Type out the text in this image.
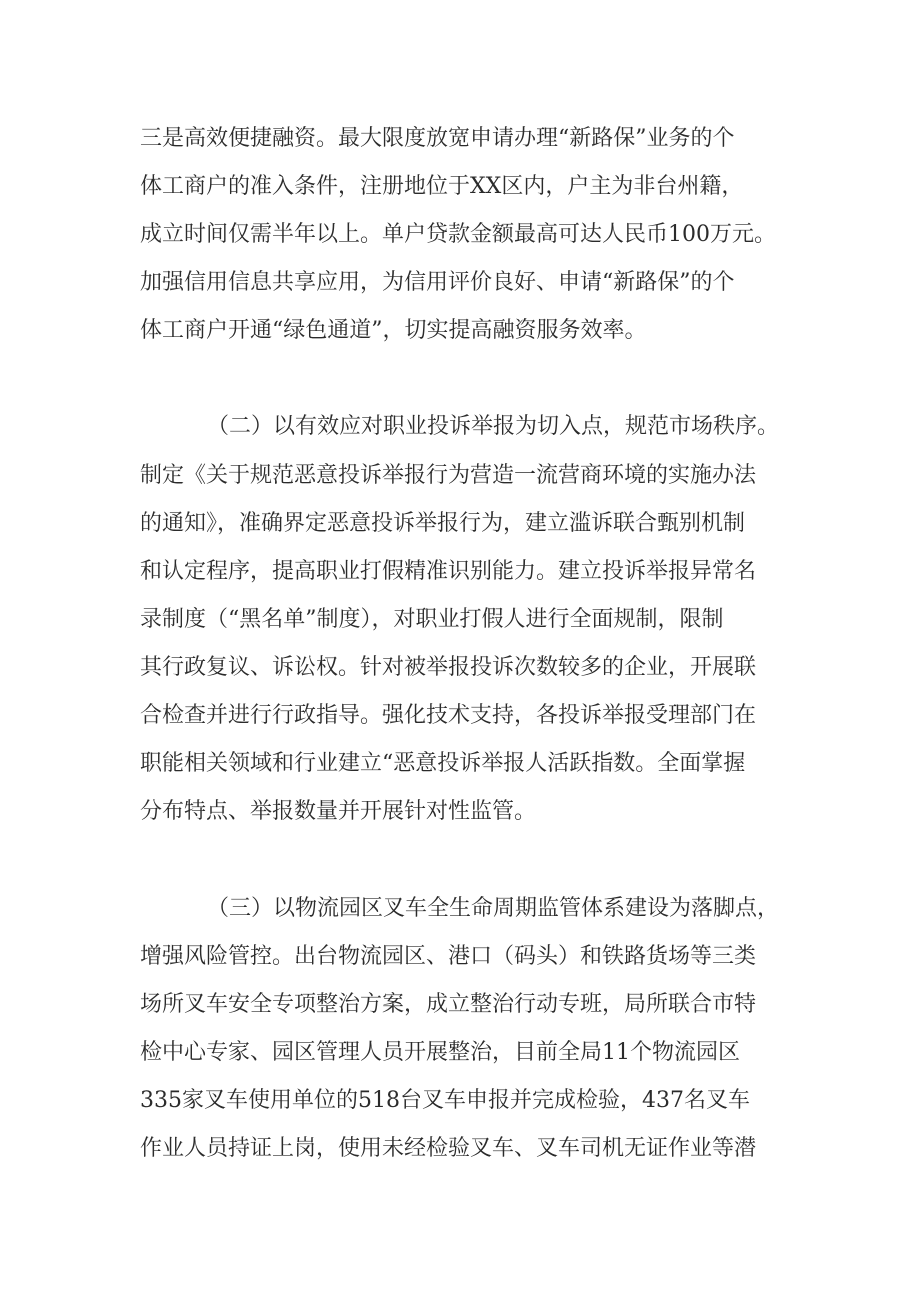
三是高效便捷融资。最大限度放宽申请办理“新路保”业务的个
体工商户的准入条件，注册地位于XX区内，户主为非台州籍，
成立时间仅需半年以上。单户贷款金额最高可达人民币100万元。
加强信用信息共享应用，为信用评价良好、申请“新路保”的个
体工商户开通“绿色通道”，切实提高融资服务效率。
（二）以有效应对职业投诉举报为切入点，规范市场秩序。
制定《关于规范恶意投诉举报行为营造一流营商环境的实施办法
的通知》，准确界定恶意投诉举报行为，建立滥诉联合甄别机制
和认定程序，提高职业打假精准识别能力。建立投诉举报异常名
录制度（“黑名单”制度），对职业打假人进行全面规制，限制
其行政复议、诉讼权。针对被举报投诉次数较多的企业，开展联
合检查并进行行政指导。强化技术支持，各投诉举报受理部门在
职能相关领域和行业建立“恶意投诉举报人活跃指数。全面掌握
分布特点、举报数量并开展针对性监管。
（三）以物流园区叉车全生命周期监管体系建设为落脚点，
增强风险管控。出台物流园区、港口（码头）和铁路货场等三类
场所叉车安全专项整治方案，成立整治行动专班，局所联合市特
检中心专家、园区管理人员开展整治，目前全局11个物流园区
335家叉车使用单位的518台叉车申报并完成检验，437名叉车
作业人员持证上岗，使用未经检验叉车、叉车司机无证作业等潜
